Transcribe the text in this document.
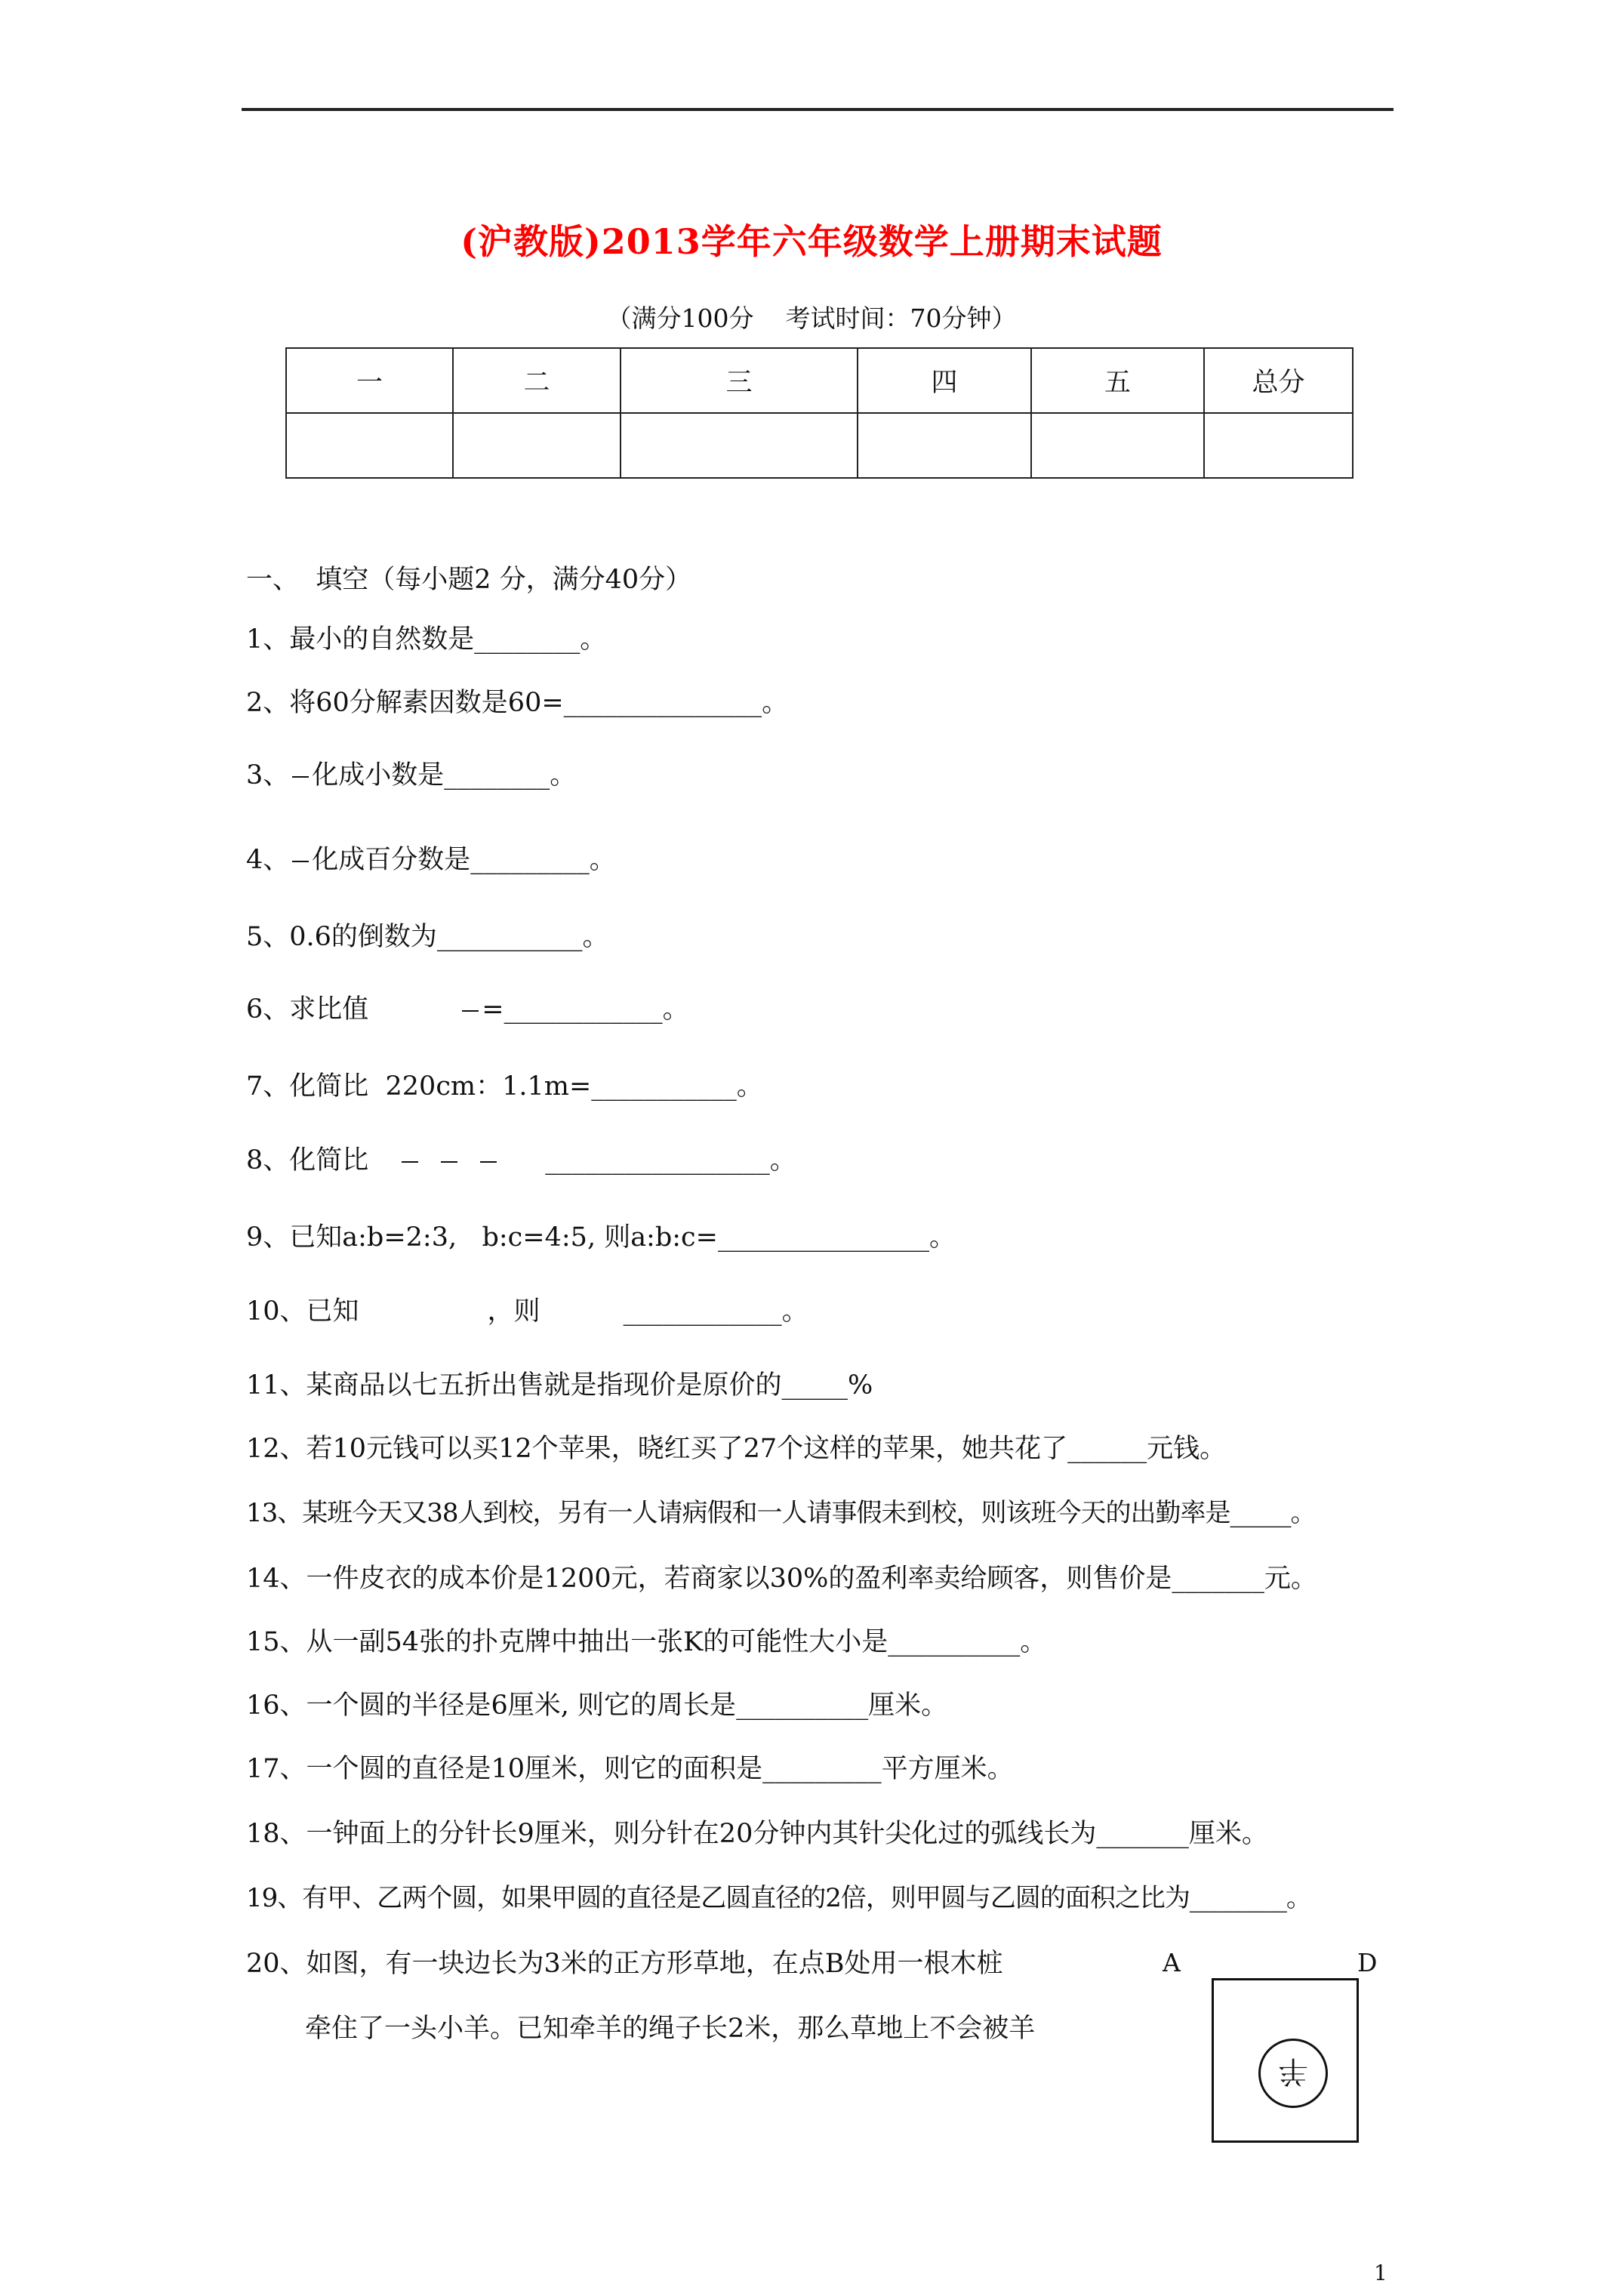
(沪教版)2013学年六年级数学上册期末试题
（满分100分    考试时间：70分钟）
一	二	三	四	五	总分

一、  填空（每小题2 分，满分40分）
1、最小的自然数是________。
2、将60分解素因数是60=_______________。
3、 化成小数是________。
4、 化成百分数是_________。
5、0.6的倒数为___________。
6、求比值	=____________。
7、化简比  220cm：1.1m=___________。
8、化简比	_________________。
9、已知a:b=2:3,   b:c=4:5, 则a:b:c=________________。
10、已知	，则	____________。
11、某商品以七五折出售就是指现价是原价的_____%
12、若10元钱可以买12个苹果，晓红买了27个这样的苹果，她共花了______元钱。
13、某班今天又38人到校，另有一人请病假和一人请事假未到校，则该班今天的出勤率是_____。
14、一件皮衣的成本价是1200元，若商家以30%的盈利率卖给顾客，则售价是_______元。
15、从一副54张的扑克牌中抽出一张K的可能性大小是__________。
16、一个圆的半径是6厘米, 则它的周长是__________厘米。
17、一个圆的直径是10厘米，则它的面积是_________平方厘米。
18、一钟面上的分针长9厘米，则分针在20分钟内其针尖化过的弧线长为_______厘米。
19、有甲、乙两个圆，如果甲圆的直径是乙圆直径的2倍，则甲圆与乙圆的面积之比为________。
20、如图，有一块边长为3米的正方形草地，在点B处用一根木桩
牵住了一头小羊。已知牵羊的绳子长2米，那么草地上不会被羊
A	D
羊
1
